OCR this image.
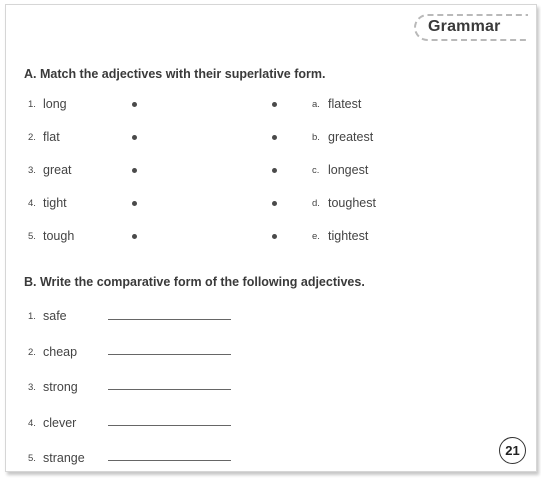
Grammar
A. Match the adjectives with their superlative form.
1. long
2. flat
3. great
4. tight
5. tough
a. flatest
b. greatest
c. longest
d. toughest
e. tightest
B. Write the comparative form of the following adjectives.
1. safe
2. cheap
3. strong
4. clever
5. strange	21
